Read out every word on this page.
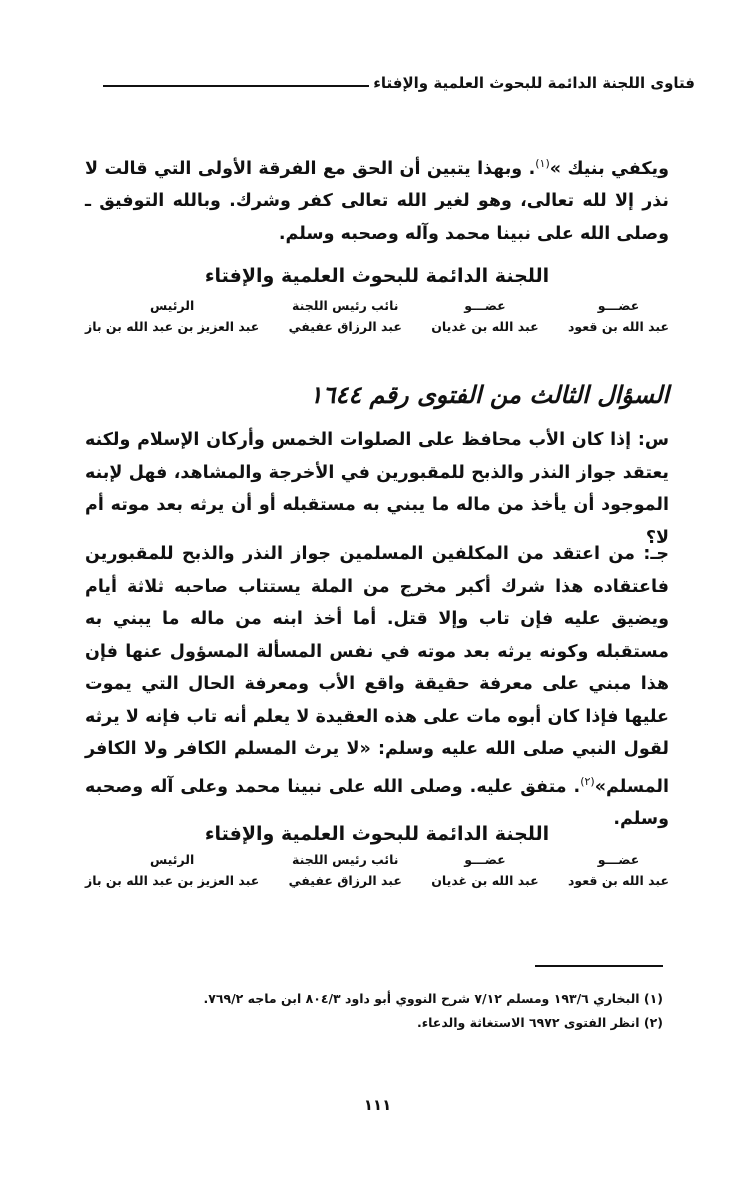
فتاوى اللجنة الدائمة للبحوث العلمية والإفتاء

ويكفي بنيك »$^{(١)}$. وبهذا يتبين أن الحق مع الفرقة الأولى التي قالت لا نذر إلا لله تعالى، وهو لغير الله تعالى كفر وشرك. وبالله التوفيق ـ وصلى الله على نبينا محمد وآله وصحبه وسلم.

اللجنة الدائمة للبحوث العلمية والإفتاء

عضـــو
عبد الله بن قعود
عضـــو
عبد الله بن غديان
نائب رئيس اللجنة
عبد الرزاق عفيفي
الرئيس
عبد العزيز بن عبد الله بن باز
السؤال الثالث من الفتوى رقم ١٦٤٤

س: إذا كان الأب محافظ على الصلوات الخمس وأركان الإسلام ولكنه يعتقد جواز النذر والذبح للمقبورين في الأخرجة والمشاهد، فهل لإبنه الموجود أن يأخذ من ماله ما يبني به مستقبله أو أن يرثه بعد موته أم لا؟

جـ: من اعتقد من المكلفين المسلمين جواز النذر والذبح للمقبورين فاعتقاده هذا شرك أكبر مخرج من الملة يستتاب صاحبه ثلاثة أيام ويضيق عليه فإن تاب وإلا قتل. أما أخذ ابنه من ماله ما يبني به مستقبله وكونه يرثه بعد موته في نفس المسألة المسؤول عنها فإن هذا مبني على معرفة حقيقة واقع الأب ومعرفة الحال التي يموت عليها فإذا كان أبوه مات على هذه العقيدة لا يعلم أنه تاب فإنه لا يرثه لقول النبي صلى الله عليه وسلم: «لا يرث المسلم الكافر ولا الكافر المسلم»$^{(٢)}$. متفق عليه. وصلى الله على نبينا محمد وعلى آله وصحبه وسلم.

اللجنة الدائمة للبحوث العلمية والإفتاء

عضـــو
عبد الله بن قعود
عضـــو
عبد الله بن غديان
نائب رئيس اللجنة
عبد الرزاق عفيفي
الرئيس
عبد العزيز بن عبد الله بن باز
(١) البخاري ١٩٣/٦ ومسلم ٧/١٢ شرح النووي أبو داود ٨٠٤/٣ ابن ماجه ٧٦٩/٢.
(٢) انظر الفتوى ٦٩٧٢ الاستغاثة والدعاء.
١١١
